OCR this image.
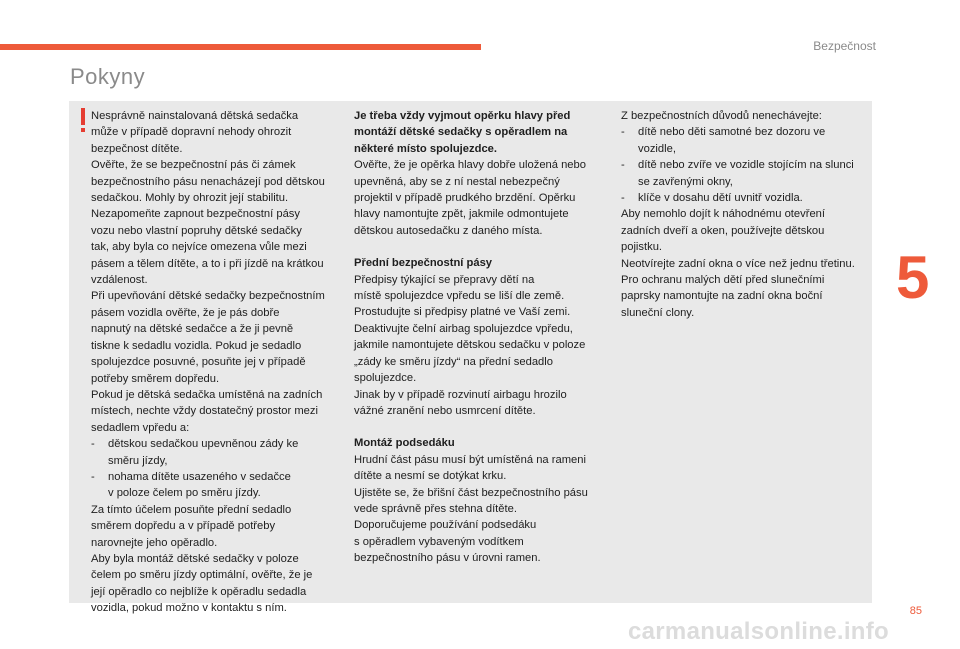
Bezpečnost
Pokyny

Nesprávně nainstalovaná dětská sedačka
může v případě dopravní nehody ohrozit
bezpečnost dítěte.

Ověřte, že se bezpečnostní pás či zámek
bezpečnostního pásu nenacházejí pod dětskou
sedačkou. Mohly by ohrozit její stabilitu.

Nezapomeňte zapnout bezpečnostní pásy
vozu nebo vlastní popruhy dětské sedačky
tak, aby byla co nejvíce omezena vůle mezi
pásem a tělem dítěte, a to i při jízdě na krátkou
vzdálenost.

Při upevňování dětské sedačky bezpečnostním
pásem vozidla ověřte, že je pás dobře
napnutý na dětské sedačce a že ji pevně
tiskne k sedadlu vozidla. Pokud je sedadlo
spolujezdce posuvné, posuňte jej v případě
potřeby směrem dopředu.

Pokud je dětská sedačka umístěná na zadních
místech, nechte vždy dostatečný prostor mezi
sedadlem vpředu a:

- dětskou sedačkou upevněnou zády ke
směru jízdy,
- nohama dítěte usazeného v sedačce
v poloze čelem po směru jízdy.

Za tímto účelem posuňte přední sedadlo
směrem dopředu a v případě potřeby
narovnejte jeho opěradlo.

Aby byla montáž dětské sedačky v poloze
čelem po směru jízdy optimální, ověřte, že je
její opěradlo co nejblíže k opěradlu sedadla
vozidla, pokud možno v kontaktu s ním.

Je třeba vždy vyjmout opěrku hlavy před
montáží dětské sedačky s opěradlem na
některé místo spolujezdce.

Ověřte, že je opěrka hlavy dobře uložená nebo
upevněná, aby se z ní nestal nebezpečný
projektil v případě prudkého brzdění. Opěrku
hlavy namontujte zpět, jakmile odmontujete
dětskou autosedačku z daného místa.

Přední bezpečnostní pásy

Předpisy týkající se přepravy dětí na
místě spolujezdce vpředu se liší dle země.
Prostudujte si předpisy platné ve Vaší zemi.

Deaktivujte čelní airbag spolujezdce vpředu,
jakmile namontujete dětskou sedačku v poloze
„zády ke směru jízdy“ na přední sedadlo
spolujezdce.

Jinak by v případě rozvinutí airbagu hrozilo
vážné zranění nebo usmrcení dítěte.

Montáž podsedáku

Hrudní část pásu musí být umístěná na rameni
dítěte a nesmí se dotýkat krku.

Ujistěte se, že břišní část bezpečnostního pásu
vede správně přes stehna dítěte.

Doporučujeme používání podsedáku
s opěradlem vybaveným vodítkem
bezpečnostního pásu v úrovni ramen.

Z bezpečnostních důvodů nenechávejte:

- dítě nebo děti samotné bez dozoru ve
vozidle,
- dítě nebo zvíře ve vozidle stojícím na slunci
se zavřenými okny,
- klíče v dosahu dětí uvnitř vozidla.

Aby nemohlo dojít k náhodnému otevření
zadních dveří a oken, používejte dětskou
pojistku.

Neotvírejte zadní okna o více než jednu třetinu.

Pro ochranu malých dětí před slunečními
paprsky namontujte na zadní okna boční
sluneční clony.

5
85
carmanualsonline.info
